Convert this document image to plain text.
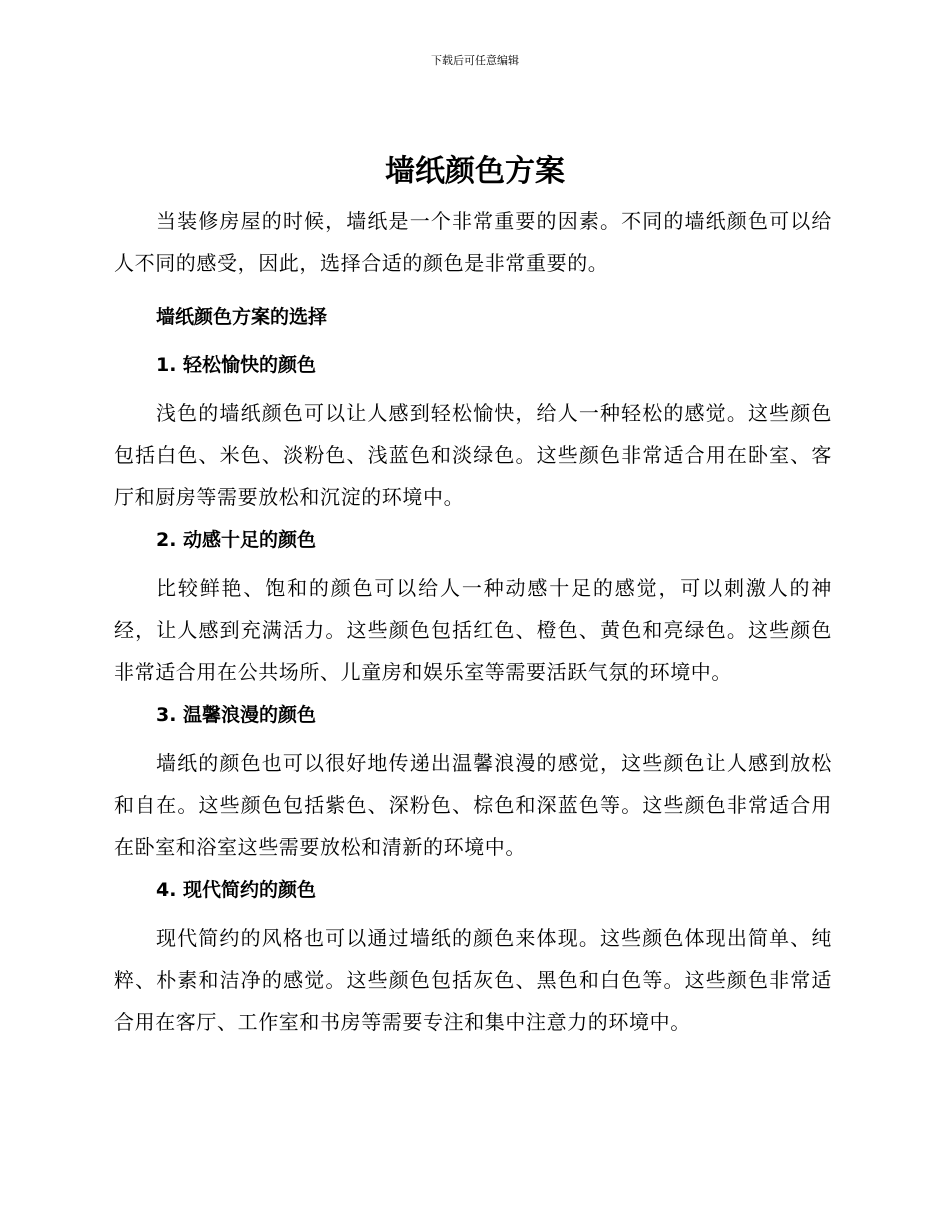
下载后可任意编辑
墙纸颜色方案

当装修房屋的时候，墙纸是一个非常重要的因素。不同的墙纸颜色可以给人不同的感受，因此，选择合适的颜色是非常重要的。

墙纸颜色方案的选择
1. 轻松愉快的颜色

浅色的墙纸颜色可以让人感到轻松愉快，给人一种轻松的感觉。这些颜色包括白色、米色、淡粉色、浅蓝色和淡绿色。这些颜色非常适合用在卧室、客厅和厨房等需要放松和沉淀的环境中。

2. 动感十足的颜色

比较鲜艳、饱和的颜色可以给人一种动感十足的感觉，可以刺激人的神经，让人感到充满活力。这些颜色包括红色、橙色、黄色和亮绿色。这些颜色非常适合用在公共场所、儿童房和娱乐室等需要活跃气氛的环境中。

3. 温馨浪漫的颜色

墙纸的颜色也可以很好地传递出温馨浪漫的感觉，这些颜色让人感到放松和自在。这些颜色包括紫色、深粉色、棕色和深蓝色等。这些颜色非常适合用在卧室和浴室这些需要放松和清新的环境中。

4. 现代简约的颜色

现代简约的风格也可以通过墙纸的颜色来体现。这些颜色体现出简单、纯粹、朴素和洁净的感觉。这些颜色包括灰色、黑色和白色等。这些颜色非常适合用在客厅、工作室和书房等需要专注和集中注意力的环境中。
